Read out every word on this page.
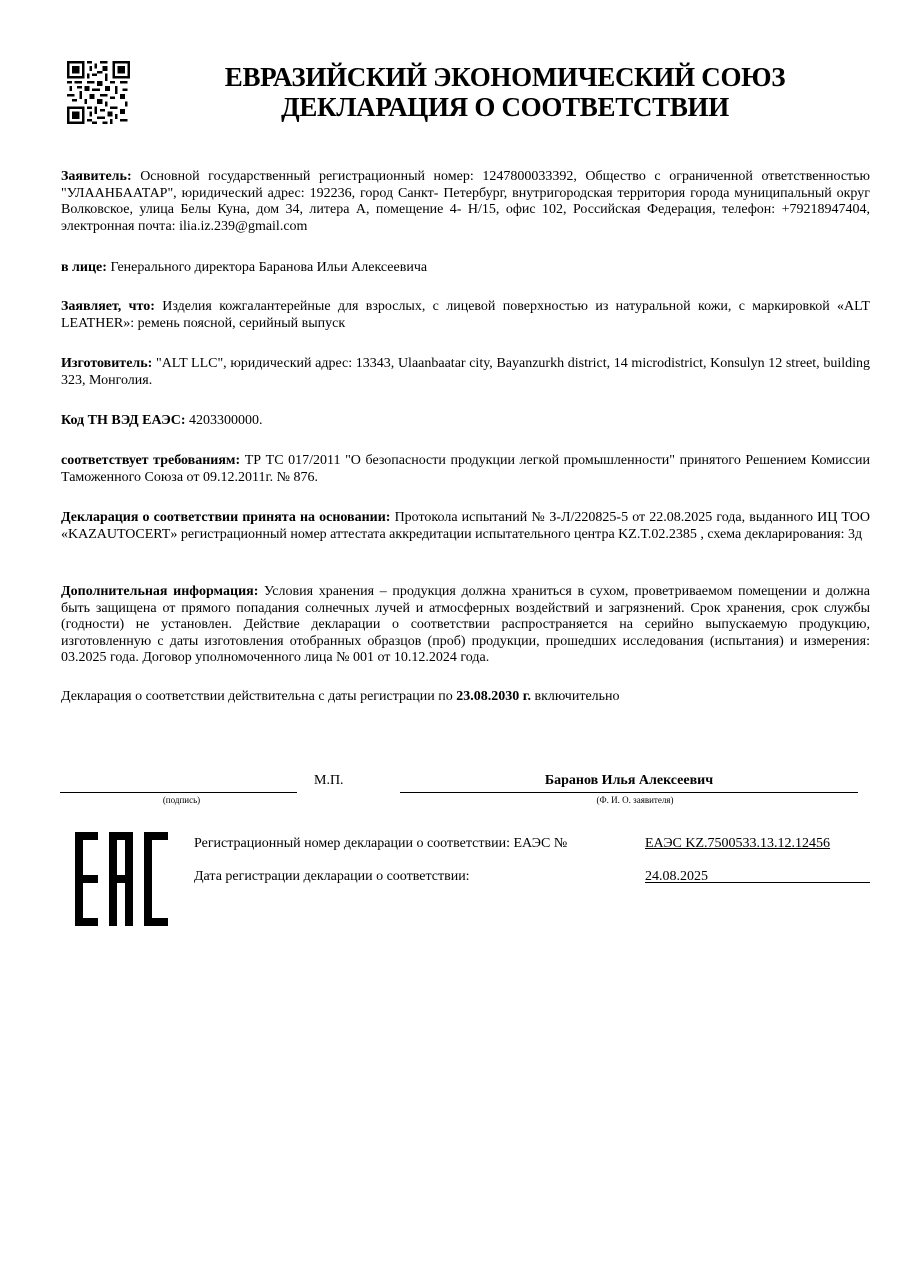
ЕВРАЗИЙСКИЙ ЭКОНОМИЧЕСКИЙ СОЮЗ
ДЕКЛАРАЦИЯ О СООТВЕТСТВИИ
Заявитель: Основной государственный регистрационный номер: 1247800033392, Общество с ограниченной ответственностью "УЛААНБААТАР", юридический адрес: 192236, город Санкт- Петербург, внутригородская территория города муниципальный округ Волковское, улица Белы Куна, дом 34, литера А, помещение 4- Н/15, офис 102, Российская Федерация, телефон: +79218947404, электронная почта: ilia.iz.239@gmail.com
в лице: Генерального директора Баранова Ильи Алексеевича
Заявляет, что: Изделия кожгалантерейные для взрослых, с лицевой поверхностью из натуральной кожи, с маркировкой «ALT LEATHER»: ремень поясной, серийный выпуск
Изготовитель: "ALT LLC", юридический адрес: 13343, Ulaanbaatar city, Bayanzurkh district, 14 microdistrict, Konsulyn 12 street, building 323, Монголия.
Код ТН ВЭД ЕАЭС: 4203300000.
соответствует требованиям: ТР ТС 017/2011 "О безопасности продукции легкой промышленности" принятого Решением Комиссии Таможенного Союза от 09.12.2011г. № 876.
Декларация о соответствии принята на основании: Протокола испытаний № З-Л/220825-5 от 22.08.2025 года, выданного ИЦ ТОО «KAZAUTOCERT» регистрационный номер аттестата аккредитации испытательного центра KZ.T.02.2385 , схема декларирования: 3д
Дополнительная информация: Условия хранения – продукция должна храниться в сухом, проветриваемом помещении и должна быть защищена от прямого попадания солнечных лучей и атмосферных воздействий и загрязнений. Срок хранения, срок службы (годности) не установлен. Действие декларации о соответствии распространяется на серийно выпускаемую продукцию, изготовленную с даты изготовления отобранных образцов (проб) продукции, прошедших исследования (испытания) и измерения: 03.2025 года. Договор уполномоченного лица № 001 от 10.12.2024 года.
Декларация о соответствии действительна с даты регистрации по 23.08.2030 г. включительно
М.П.	Баранов Илья Алексеевич
(подпись)	(Ф. И. О. заявителя)
Регистрационный номер декларации о соответствии: ЕАЭС №	ЕАЭС KZ.7500533.13.12.12456
Дата регистрации декларации о соответствии:	24.08.2025
